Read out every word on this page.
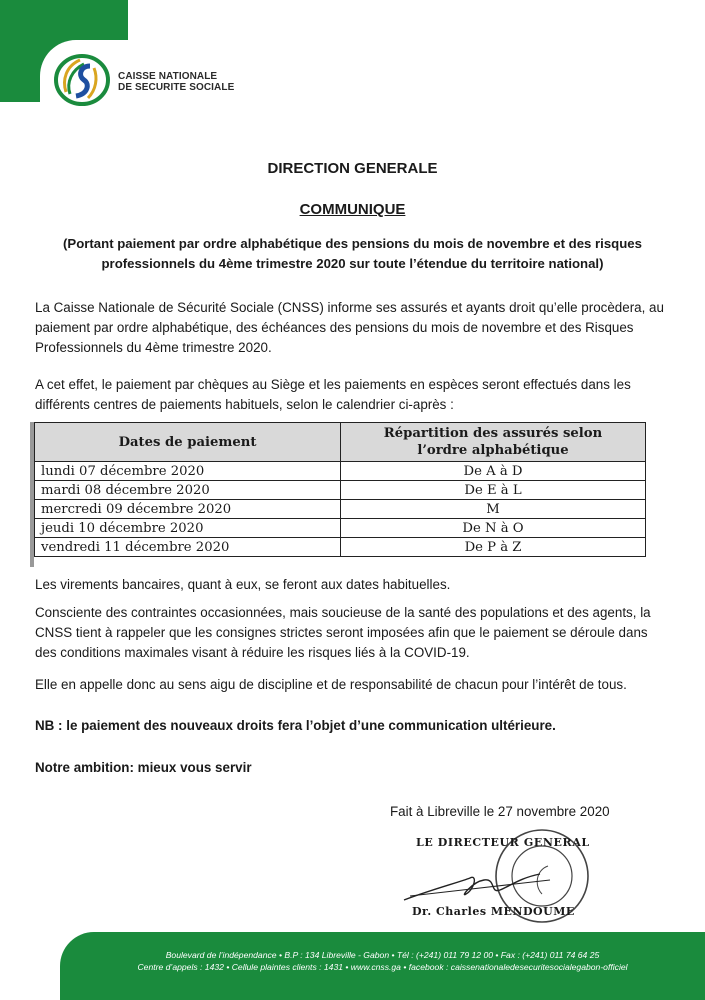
CAISSE NATIONALE
DE SECURITE SOCIALE
DIRECTION GENERALE
COMMUNIQUE
(Portant paiement par ordre alphabétique des pensions du mois de novembre et des risques
professionnels du 4ème trimestre 2020 sur toute l’étendue du territoire national)
La Caisse Nationale de Sécurité Sociale (CNSS) informe ses assurés et ayants droit qu’elle procèdera, au
paiement par ordre alphabétique, des échéances des pensions du mois de novembre et des Risques
Professionnels du 4ème trimestre 2020.
A cet effet, le paiement par chèques au Siège et les paiements en espèces seront effectués dans les
différents centres de paiements habituels, selon le calendrier ci-après :
Dates de paiement	Répartition des assurés selon
l’ordre alphabétique

lundi 07 décembre 2020	De A à D
mardi 08 décembre 2020	De E à L
mercredi 09 décembre 2020	M
jeudi 10 décembre 2020	De N à O
vendredi 11 décembre 2020	De P à Z
Les virements bancaires, quant à eux, se feront aux dates habituelles.
Consciente des contraintes occasionnées, mais soucieuse de la santé des populations et des agents, la
CNSS tient à rappeler que les consignes strictes seront imposées afin que le paiement se déroule dans
des conditions maximales visant à réduire les risques liés à la COVID-19.
Elle en appelle donc au sens aigu de discipline et de responsabilité de chacun pour l’intérêt de tous.
NB : le paiement des nouveaux droits fera l’objet d’une communication ultérieure.
Notre ambition: mieux vous servir
Fait à Libreville le 27 novembre 2020
LE DIRECTEUR GENERAL
Dr. Charles MENDOUME
Boulevard de l’indépendance • B.P : 134 Libreville - Gabon • Tél : (+241) 011 79 12 00 • Fax : (+241) 011 74 64 25
Centre d’appels : 1432 • Cellule plaintes clients : 1431 • www.cnss.ga • facebook : caissenationaledesecuritesocialegabon-officiel
